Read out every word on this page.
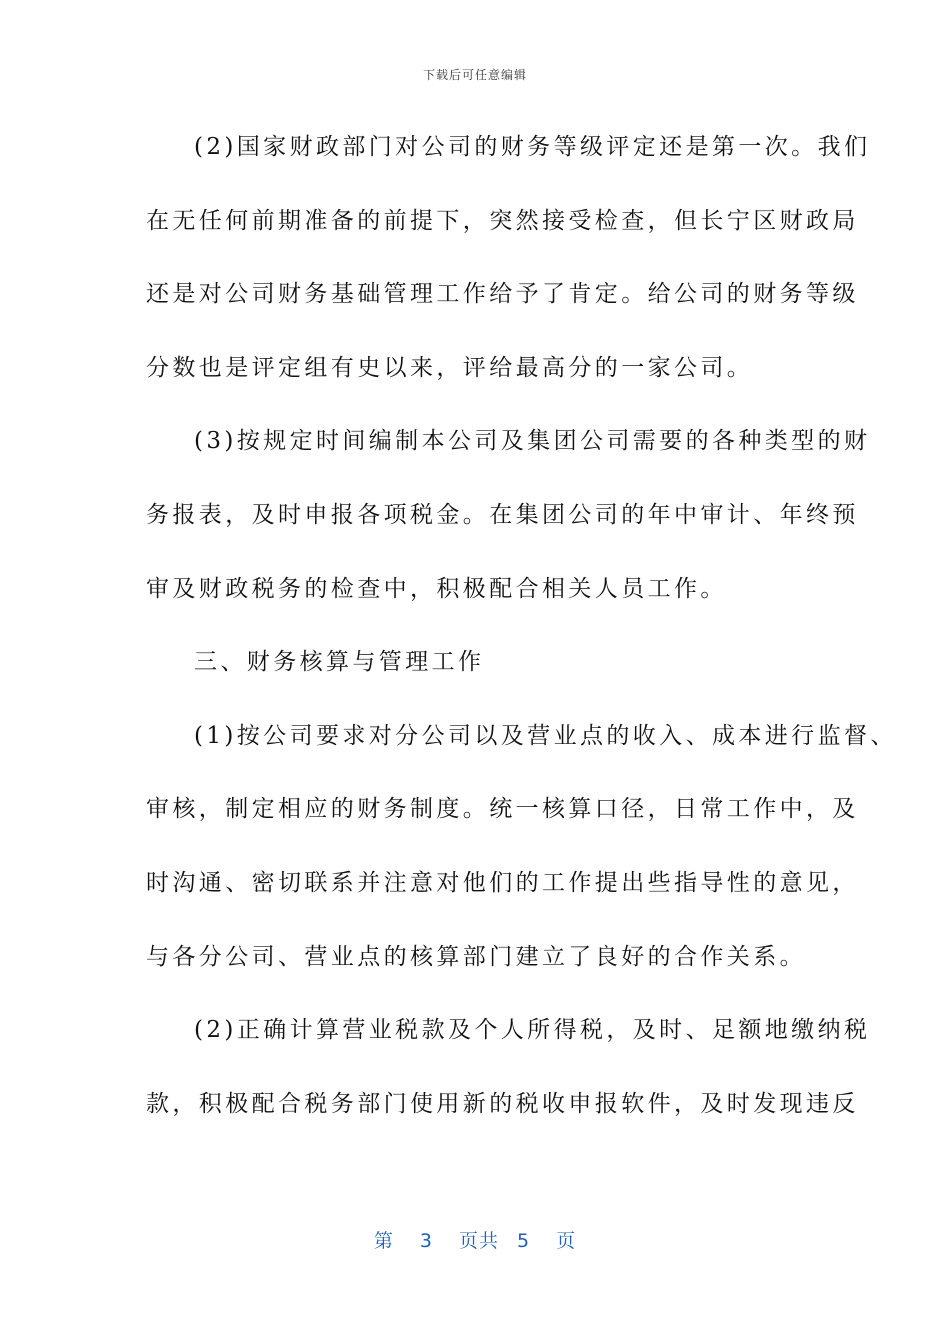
下载后可任意编辑
(2)国家财政部门对公司的财务等级评定还是第一次。我们
在无任何前期准备的前提下，突然接受检查，但长宁区财政局
还是对公司财务基础管理工作给予了肯定。给公司的财务等级
分数也是评定组有史以来，评给最高分的一家公司。
(3)按规定时间编制本公司及集团公司需要的各种类型的财
务报表，及时申报各项税金。在集团公司的年中审计、年终预
审及财政税务的检查中，积极配合相关人员工作。
三、财务核算与管理工作
(1)按公司要求对分公司以及营业点的收入、成本进行监督、
审核，制定相应的财务制度。统一核算口径，日常工作中，及
时沟通、密切联系并注意对他们的工作提出些指导性的意见，
与各分公司、营业点的核算部门建立了良好的合作关系。
(2)正确计算营业税款及个人所得税，及时、足额地缴纳税
款，积极配合税务部门使用新的税收申报软件，及时发现违反
第 3 页共 5 页
